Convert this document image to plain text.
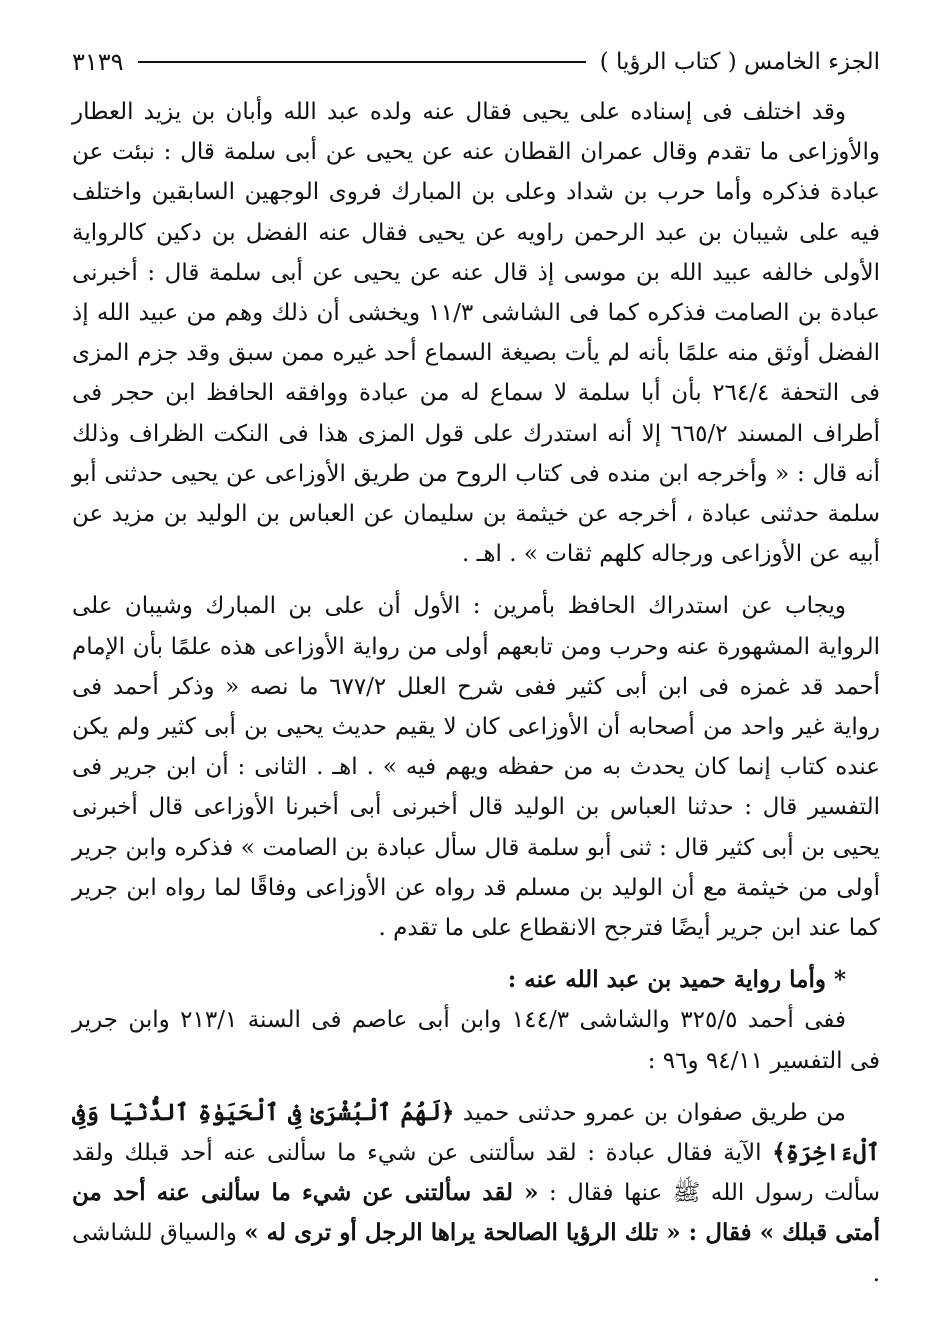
الجزء الخامس ( كتاب الرؤيا )
٣١٣٩

وقد اختلف فى إسناده على يحيى فقال عنه ولده عبد الله وأبان بن يزيد العطار والأوزاعى ما تقدم وقال عمران القطان عنه عن يحيى عن أبى سلمة قال : نبئت عن عبادة فذكره وأما حرب بن شداد وعلى بن المبارك فروى الوجهين السابقين واختلف فيه على شيبان بن عبد الرحمن راويه عن يحيى فقال عنه الفضل بن دكين كالرواية الأولى خالفه عبيد الله بن موسى إذ قال عنه عن يحيى عن أبى سلمة قال : أخبرنى عبادة بن الصامت فذكره كما فى الشاشى ١١/٣ ويخشى أن ذلك وهم من عبيد الله إذ الفضل أوثق منه علمًا بأنه لم يأت بصيغة السماع أحد غيره ممن سبق وقد جزم المزى فى التحفة ٢٦٤/٤ بأن أبا سلمة لا سماع له من عبادة ووافقه الحافظ ابن حجر فى أطراف المسند ٦٦٥/٢ إلا أنه استدرك على قول المزى هذا فى النكت الظراف وذلك أنه قال : « وأخرجه ابن منده فى كتاب الروح من طريق الأوزاعى عن يحيى حدثنى أبو سلمة حدثنى عبادة ، أخرجه عن خيثمة بن سليمان عن العباس بن الوليد بن مزيد عن أبيه عن الأوزاعى ورجاله كلهم ثقات » . اهـ .

ويجاب عن استدراك الحافظ بأمرين : الأول أن على بن المبارك وشيبان على الرواية المشهورة عنه وحرب ومن تابعهم أولى من رواية الأوزاعى هذه علمًا بأن الإمام أحمد قد غمزه فى ابن أبى كثير ففى شرح العلل ٦٧٧/٢ ما نصه « وذكر أحمد فى رواية غير واحد من أصحابه أن الأوزاعى كان لا يقيم حديث يحيى بن أبى كثير ولم يكن عنده كتاب إنما كان يحدث به من حفظه ويهم فيه » . اهـ . الثانى : أن ابن جرير فى التفسير قال : حدثنا العباس بن الوليد قال أخبرنى أبى أخبرنا الأوزاعى قال أخبرنى يحيى بن أبى كثير قال : ثنى أبو سلمة قال سأل عبادة بن الصامت » فذكره وابن جرير أولى من خيثمة مع أن الوليد بن مسلم قد رواه عن الأوزاعى وفاقًا لما رواه ابن جرير كما عند ابن جرير أيضًا فترجح الانقطاع على ما تقدم .

* وأما رواية حميد بن عبد الله عنه :

ففى أحمد ٣٢٥/٥ والشاشى ١٤٤/٣ وابن أبى عاصم فى السنة ٢١٣/١ وابن جرير فى التفسير ٩٤/١١ و٩٦ :

من طريق صفوان بن عمرو حدثنى حميد ﴿لَهُمُ ٱلْبُشْرَىٰ فِى ٱلْحَيَوٰةِ ٱلدُّنْيَا وَفِى ٱلْءَاخِرَةِ﴾ الآية فقال عبادة : لقد سألتنى عن شيء ما سألنى عنه أحد قبلك ولقد سألت رسول الله ﷺ عنها فقال : « لقد سألتنى عن شيء ما سألنى عنه أحد من أمتى قبلك » فقال : « تلك الرؤيا الصالحة يراها الرجل أو ترى له » والسياق للشاشى .
